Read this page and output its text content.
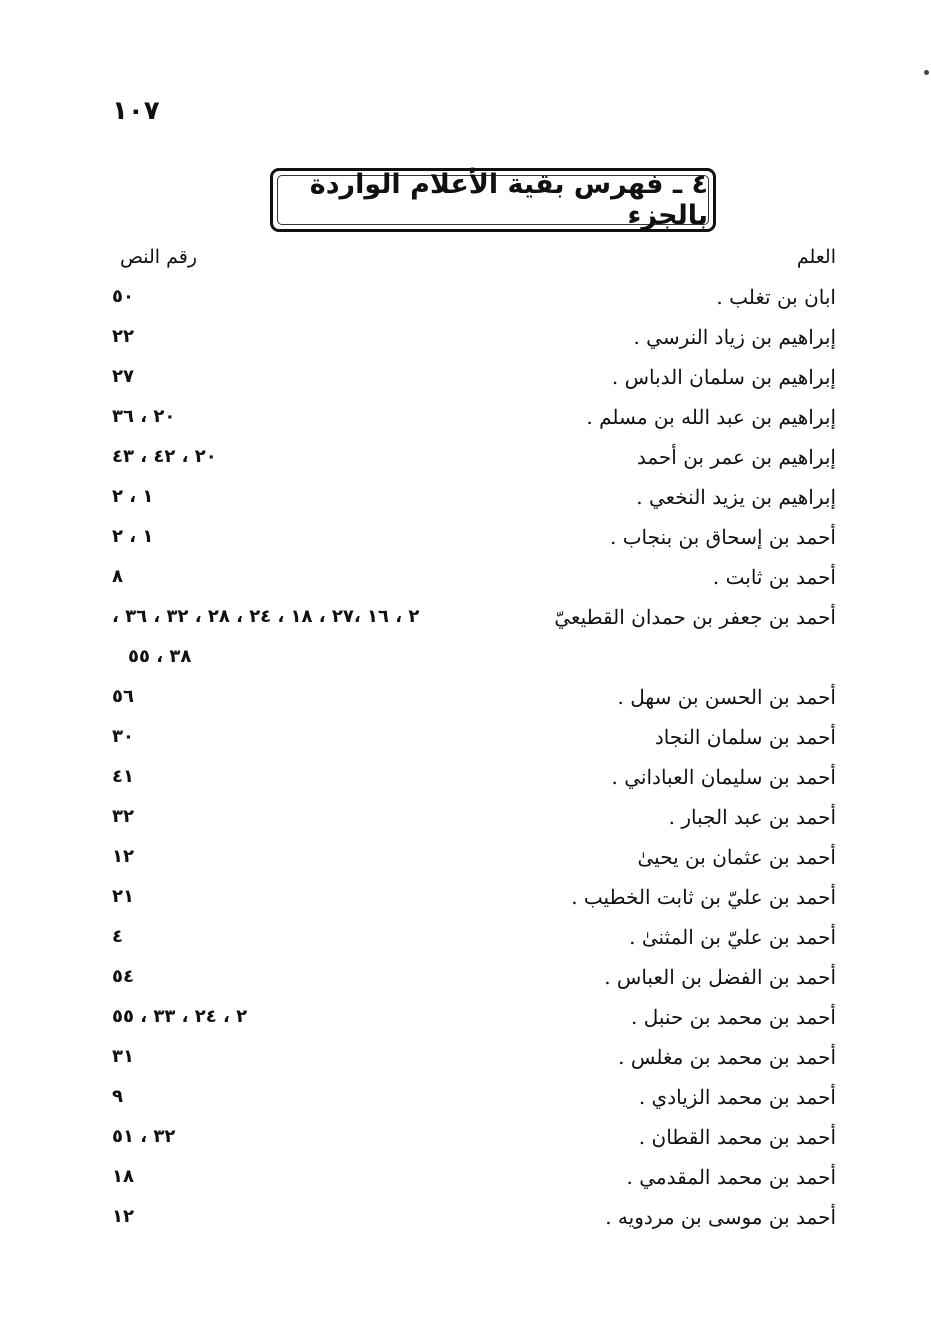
١٠٧
٤ ـ فهرس بقية الأعلام الواردة بالجزء
العلم
رقم النص
ابان بن تغلب .
٥٠
إبراهيم بن زياد النرسي .
٢٢
إبراهيم بن سلمان الدباس .
٢٧
إبراهيم بن عبد الله بن مسلم .
٢٠ ، ٣٦
إبراهيم بن عمر بن أحمد
٢٠ ، ٤٢ ، ٤٣
إبراهيم بن يزيد النخعي .
١ ، ٢
أحمد بن إسحاق بن بنجاب .
١ ، ٢
أحمد بن ثابت .
٨
أحمد بن جعفر بن حمدان القطيعيّ
٢ ، ١٦ ،٢٧ ، ١٨ ، ٢٤ ، ٢٨ ، ٣٢ ، ٣٦ ،
٣٨ ، ٥٥
أحمد بن الحسن بن سهل .
٥٦
أحمد بن سلمان النجاد
٣٠
أحمد بن سليمان العباداني .
٤١
أحمد بن عبد الجبار .
٣٢
أحمد بن عثمان بن يحيىٰ
١٢
أحمد بن عليّ بن ثابت الخطيب .
٢١
أحمد بن عليّ بن المثنىٰ .
٤
أحمد بن الفضل بن العباس .
٥٤
أحمد بن محمد بن حنبل .
٢ ، ٢٤ ، ٣٣ ، ٥٥
أحمد بن محمد بن مغلس .
٣١
أحمد بن محمد الزيادي .
٩
أحمد بن محمد القطان .
٣٢ ، ٥١
أحمد بن محمد المقدمي .
١٨
أحمد بن موسى بن مردويه .
١٢
